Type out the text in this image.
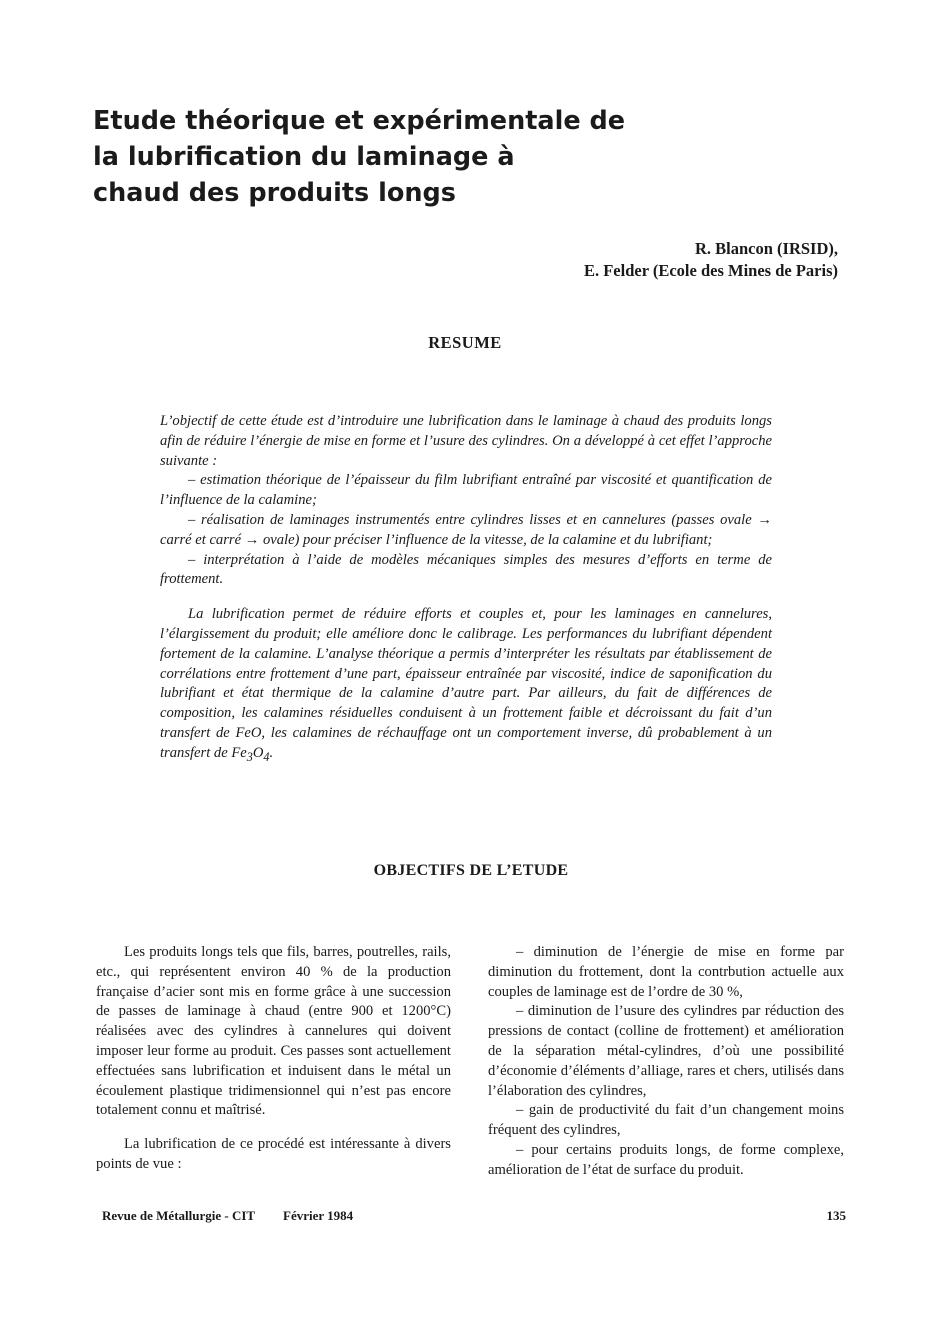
Etude théorique et expérimentale de
la lubrification du laminage à
chaud des produits longs
R. Blancon (IRSID),
E. Felder (Ecole des Mines de Paris)
RESUME

L’objectif de cette étude est d’introduire une lubrification dans le laminage à chaud des produits longs afin de réduire l’énergie de mise en forme et l’usure des cylindres. On a développé à cet effet l’approche suivante :

– estimation théorique de l’épaisseur du film lubrifiant entraîné par viscosité et quantification de l’influence de la calamine;

– réalisation de laminages instrumentés entre cylindres lisses et en cannelures (passes ovale → carré et carré → ovale) pour préciser l’influence de la vitesse, de la calamine et du lubrifiant;

– interprétation à l’aide de modèles mécaniques simples des mesures d’efforts en terme de frottement.

La lubrification permet de réduire efforts et couples et, pour les laminages en cannelures, l’élargissement du produit; elle améliore donc le calibrage. Les performances du lubrifiant dépendent fortement de la calamine. L’analyse théorique a permis d’interpréter les résultats par établissement de corrélations entre frottement d’une part, épaisseur entraînée par viscosité, indice de saponification du lubrifiant et état thermique de la calamine d’autre part. Par ailleurs, du fait de différences de composition, les calamines résiduelles conduisent à un frottement faible et décroissant du fait d’un transfert de FeO, les calamines de réchauffage ont un comportement inverse, dû probablement à un transfert de $Fe_3O_4$.

OBJECTIFS DE L’ETUDE

Les produits longs tels que fils, barres, poutrelles, rails, etc., qui représentent environ 40 % de la production française d’acier sont mis en forme grâce à une succession de passes de laminage à chaud (entre 900 et 1200°C) réalisées avec des cylindres à cannelures qui doivent imposer leur forme au produit. Ces passes sont actuellement effectuées sans lubrification et induisent dans le métal un écoulement plastique tridimensionnel qui n’est pas encore totalement connu et maîtrisé.

La lubrification de ce procédé est intéressante à divers points de vue :

– diminution de l’énergie de mise en forme par diminution du frottement, dont la contrbution actuelle aux couples de laminage est de l’ordre de 30 %,

– diminution de l’usure des cylindres par réduction des pressions de contact (colline de frottement) et amélioration de la séparation métal-cylindres, d’où une possibilité d’économie d’éléments d’alliage, rares et chers, utilisés dans l’élaboration des cylindres,

– gain de productivité du fait d’un changement moins fréquent des cylindres,

– pour certains produits longs, de forme complexe, amélioration de l’état de surface du produit.

Revue de Métallurgie - CIT Février 1984	135
